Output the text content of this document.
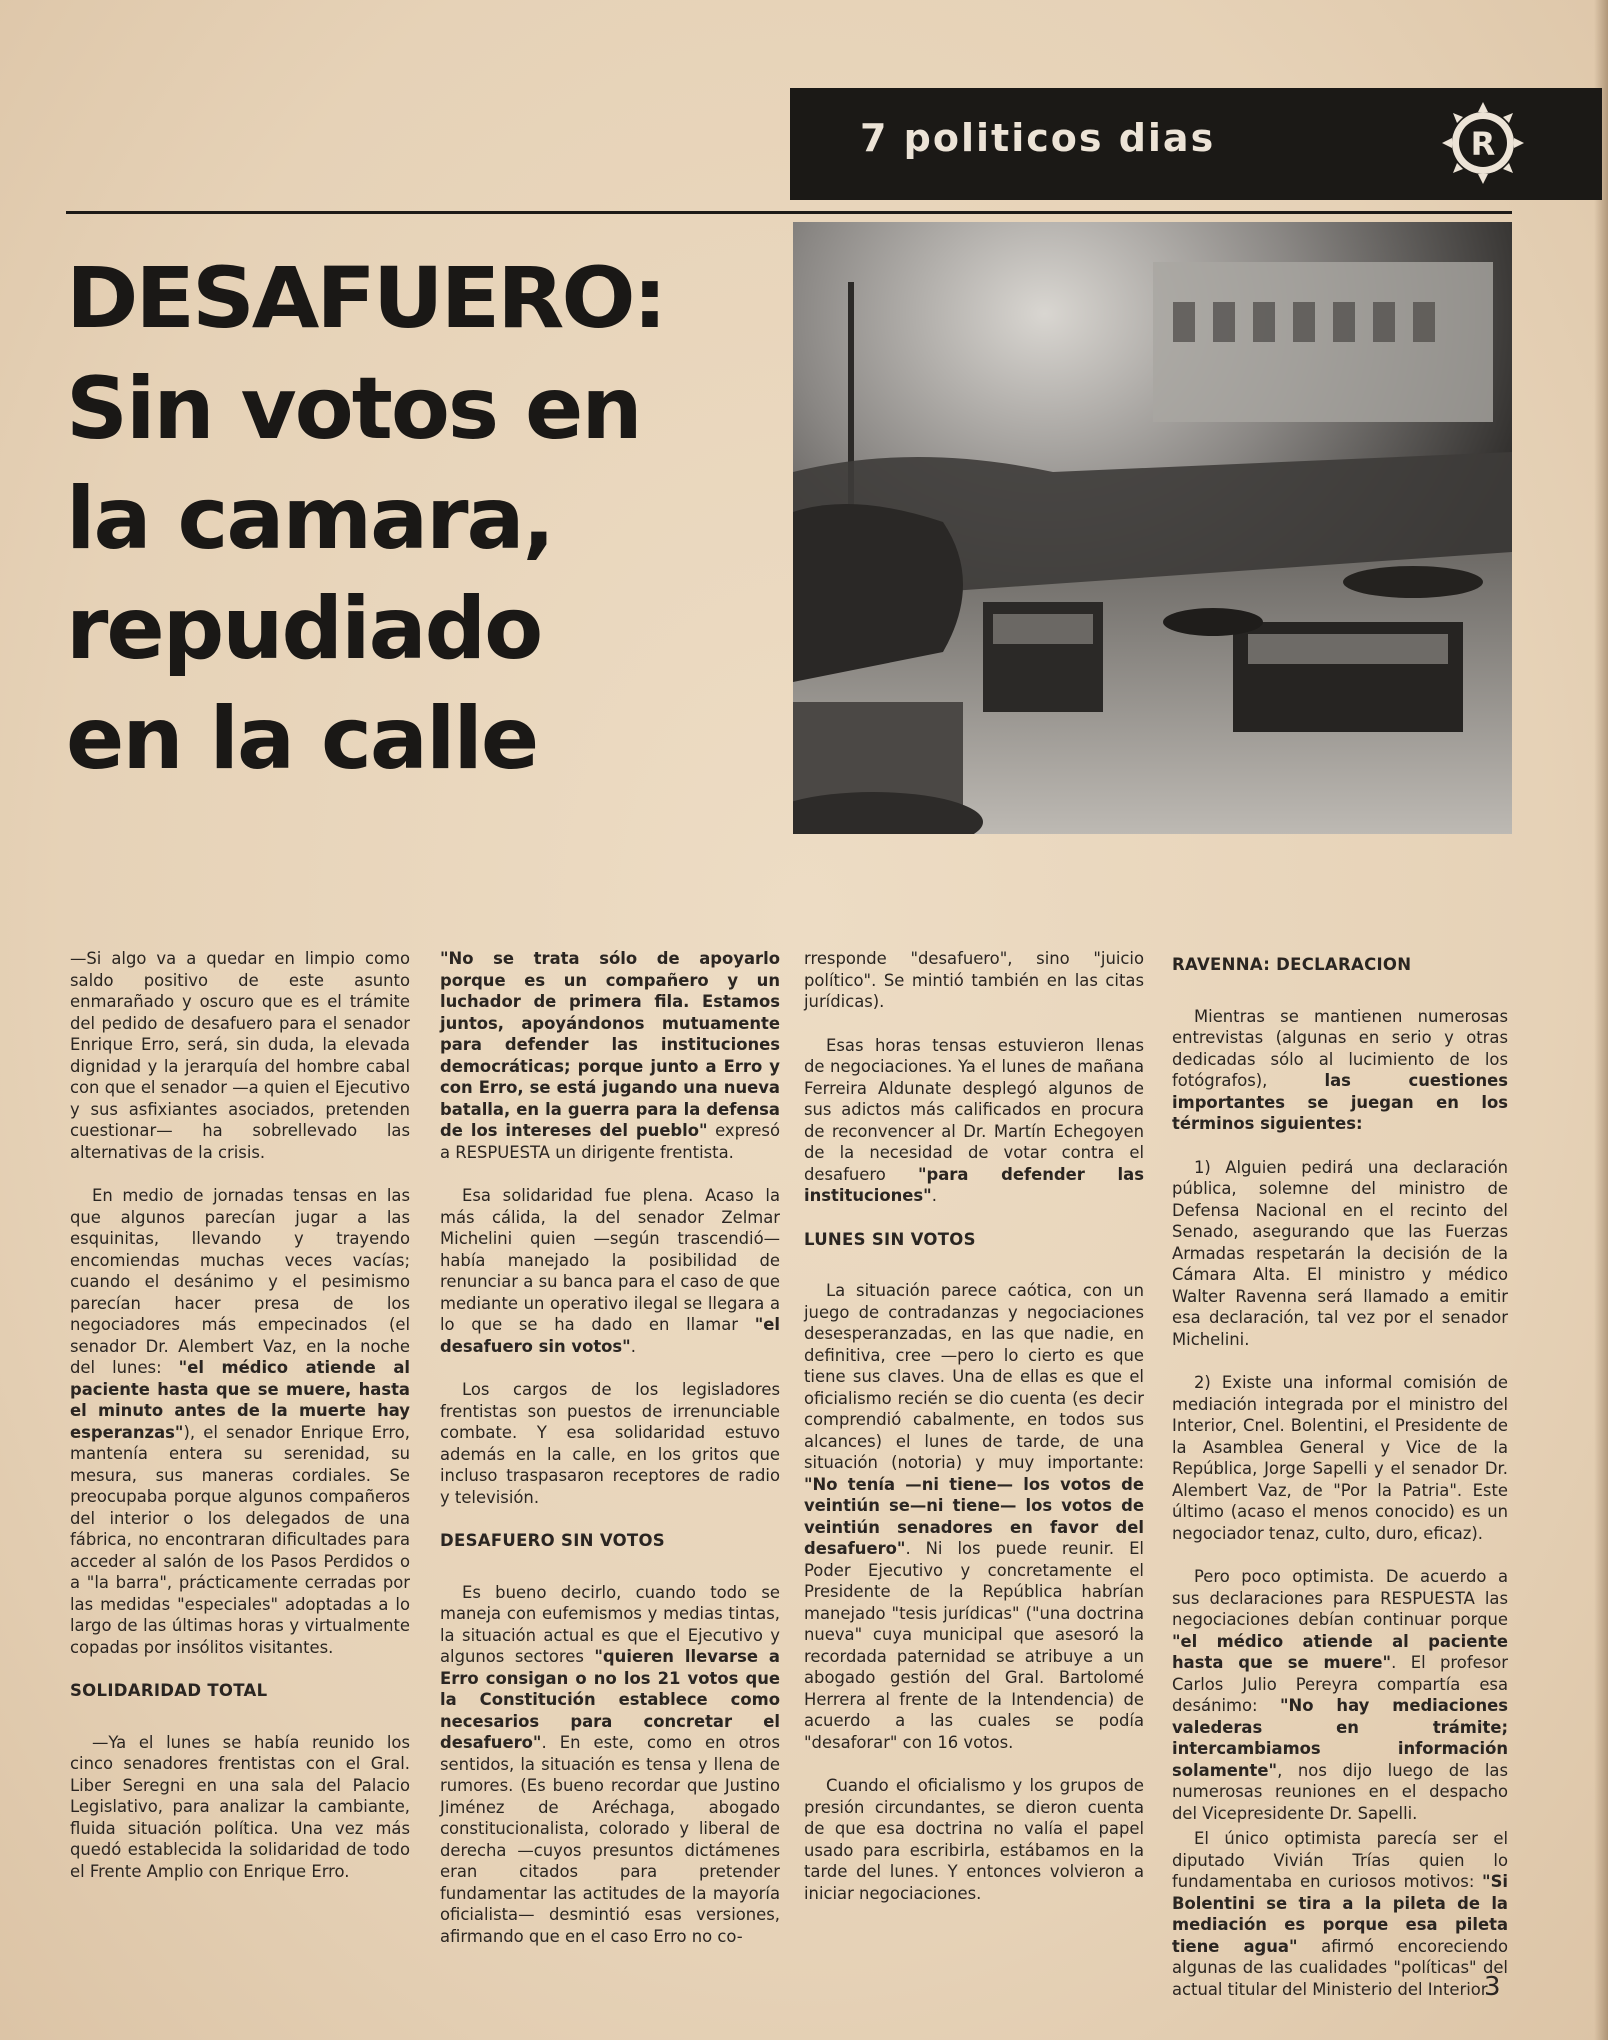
7 politicos dias	R
DESAFUERO:
Sin votos en
la camara,
repudiado
en la calle

—Si algo va a quedar en limpio como saldo positivo de este asunto enmarañado y oscuro que es el trámite del pedido de desafuero para el senador Enrique Erro, será, sin duda, la elevada dignidad y la jerarquía del hombre cabal con que el senador —a quien el Ejecutivo y sus asfixiantes asociados, pretenden cuestionar— ha sobrellevado las alternativas de la crisis.

En medio de jornadas tensas en las que algunos parecían jugar a las esquinitas, llevando y trayendo encomiendas muchas veces vacías; cuando el desánimo y el pesimismo parecían hacer presa de los negociadores más empecinados (el senador Dr. Alembert Vaz, en la noche del lunes: "el médico atiende al paciente hasta que se muere, hasta el minuto antes de la muerte hay esperanzas"), el senador Enrique Erro, mantenía entera su serenidad, su mesura, sus maneras cordiales. Se preocupaba porque algunos compañeros del interior o los delegados de una fábrica, no encontraran dificultades para acceder al salón de los Pasos Perdidos o a "la barra", prácticamente cerradas por las medidas "especiales" adoptadas a lo largo de las últimas horas y virtualmente copadas por insólitos visitantes.

SOLIDARIDAD TOTAL

—Ya el lunes se había reunido los cinco senadores frentistas con el Gral. Liber Seregni en una sala del Palacio Legislativo, para analizar la cambiante, fluida situación política. Una vez más quedó establecida la solidaridad de todo el Frente Amplio con Enrique Erro.

"No se trata sólo de apoyarlo porque es un compañero y un luchador de primera fila. Estamos juntos, apoyándonos mutuamente para defender las instituciones democráticas; porque junto a Erro y con Erro, se está jugando una nueva batalla, en la guerra para la defensa de los intereses del pueblo" expresó a RESPUESTA un dirigente frentista.

Esa solidaridad fue plena. Acaso la más cálida, la del senador Zelmar Michelini quien —según trascendió— había manejado la posibilidad de renunciar a su banca para el caso de que mediante un operativo ilegal se llegara a lo que se ha dado en llamar "el desafuero sin votos".

Los cargos de los legisladores frentistas son puestos de irrenunciable combate. Y esa solidaridad estuvo además en la calle, en los gritos que incluso traspasaron receptores de radio y televisión.

DESAFUERO SIN VOTOS

Es bueno decirlo, cuando todo se maneja con eufemismos y medias tintas, la situación actual es que el Ejecutivo y algunos sectores "quieren llevarse a Erro consigan o no los 21 votos que la Constitución establece como necesarios para concretar el desafuero". En este, como en otros sentidos, la situación es tensa y llena de rumores. (Es bueno recordar que Justino Jiménez de Aréchaga, abogado constitucionalista, colorado y liberal de derecha —cuyos presuntos dictámenes eran citados para pretender fundamentar las actitudes de la mayoría oficialista— desmintió esas versiones, afirmando que en el caso Erro no co-

rresponde "desafuero", sino "juicio político". Se mintió también en las citas jurídicas).

Esas horas tensas estuvieron llenas de negociaciones. Ya el lunes de mañana Ferreira Aldunate desplegó algunos de sus adictos más calificados en procura de reconvencer al Dr. Martín Echegoyen de la necesidad de votar contra el desafuero "para defender las instituciones".

LUNES SIN VOTOS

La situación parece caótica, con un juego de contradanzas y negociaciones desesperanzadas, en las que nadie, en definitiva, cree —pero lo cierto es que tiene sus claves. Una de ellas es que el oficialismo recién se dio cuenta (es decir comprendió cabalmente, en todos sus alcances) el lunes de tarde, de una situación (notoria) y muy importante: "No tenía —ni tiene— los votos de veintiún se—ni tiene— los votos de veintiún senadores en favor del desafuero". Ni los puede reunir. El Poder Ejecutivo y concretamente el Presidente de la República habrían manejado "tesis jurídicas" ("una doctrina nueva" cuya municipal que asesoró la recordada paternidad se atribuye a un abogado gestión del Gral. Bartolomé Herrera al frente de la Intendencia) de acuerdo a las cuales se podía "desaforar" con 16 votos.

Cuando el oficialismo y los grupos de presión circundantes, se dieron cuenta de que esa doctrina no valía el papel usado para escribirla, estábamos en la tarde del lunes. Y entonces volvieron a iniciar negociaciones.

RAVENNA: DECLARACION

Mientras se mantienen numerosas entrevistas (algunas en serio y otras dedicadas sólo al lucimiento de los fotógrafos), las cuestiones importantes se juegan en los términos siguientes:

1) Alguien pedirá una declaración pública, solemne del ministro de Defensa Nacional en el recinto del Senado, asegurando que las Fuerzas Armadas respetarán la decisión de la Cámara Alta. El ministro y médico Walter Ravenna será llamado a emitir esa declaración, tal vez por el senador Michelini.

2) Existe una informal comisión de mediación integrada por el ministro del Interior, Cnel. Bolentini, el Presidente de la Asamblea General y Vice de la República, Jorge Sapelli y el senador Dr. Alembert Vaz, de "Por la Patria". Este último (acaso el menos conocido) es un negociador tenaz, culto, duro, eficaz).

Pero poco optimista. De acuerdo a sus declaraciones para RESPUESTA las negociaciones debían continuar porque "el médico atiende al paciente hasta que se muere". El profesor Carlos Julio Pereyra compartía esa desánimo: "No hay mediaciones valederas en trámite; intercambiamos información solamente", nos dijo luego de las numerosas reuniones en el despacho del Vicepresidente Dr. Sapelli.

El único optimista parecía ser el diputado Vivián Trías quien lo fundamentaba en curiosos motivos: "Si Bolentini se tira a la pileta de la mediación es porque esa pileta tiene agua" afirmó encoreciendo algunas de las cualidades "políticas" del actual titular del Ministerio del Interior.

3
